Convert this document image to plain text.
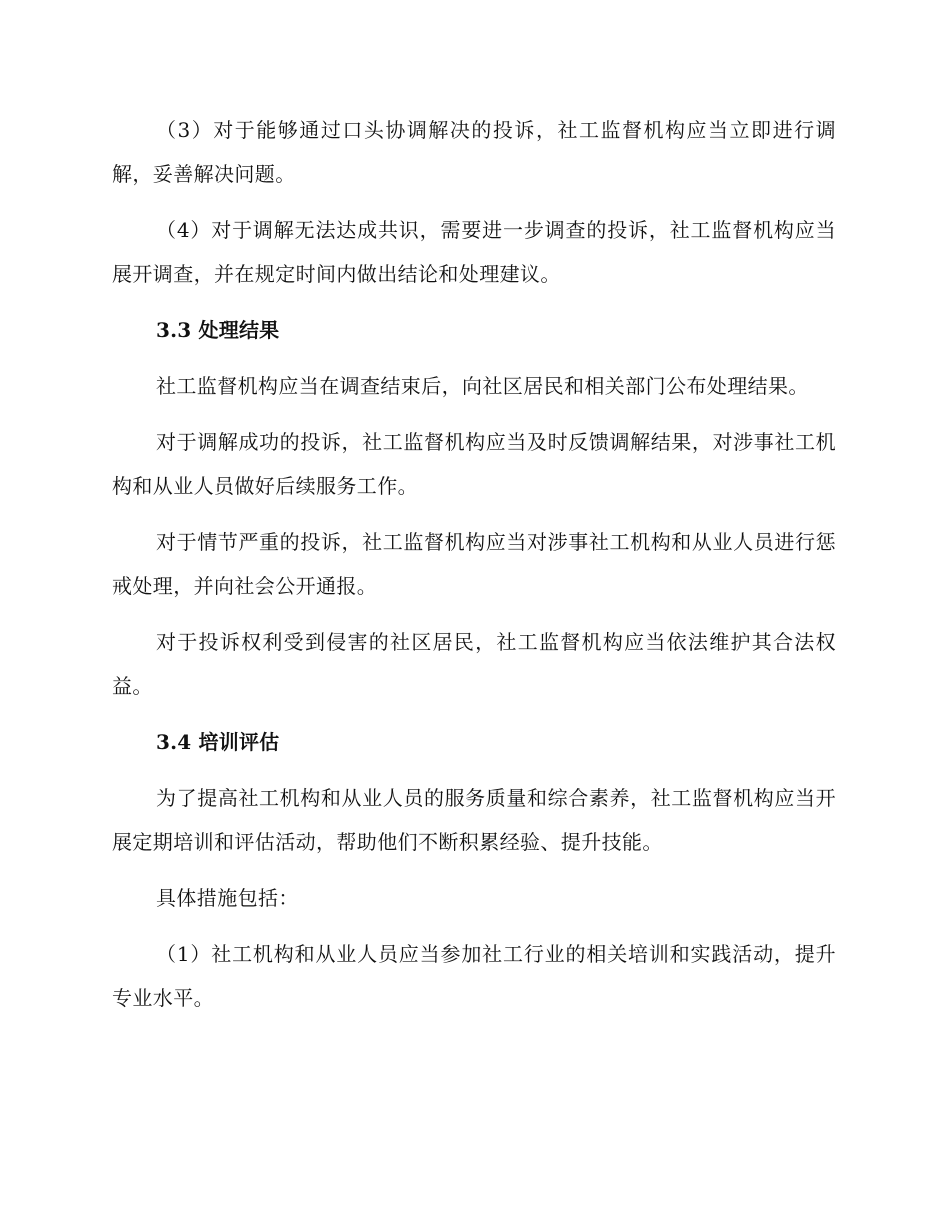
（3）对于能够通过口头协调解决的投诉，社工监督机构应当立即进行调解，妥善解决问题。

（4）对于调解无法达成共识，需要进一步调查的投诉，社工监督机构应当展开调查，并在规定时间内做出结论和处理建议。

3.3 处理结果

社工监督机构应当在调查结束后，向社区居民和相关部门公布处理结果。

对于调解成功的投诉，社工监督机构应当及时反馈调解结果，对涉事社工机构和从业人员做好后续服务工作。

对于情节严重的投诉，社工监督机构应当对涉事社工机构和从业人员进行惩戒处理，并向社会公开通报。

对于投诉权利受到侵害的社区居民，社工监督机构应当依法维护其合法权益。

3.4 培训评估

为了提高社工机构和从业人员的服务质量和综合素养，社工监督机构应当开展定期培训和评估活动，帮助他们不断积累经验、提升技能。

具体措施包括：

（1）社工机构和从业人员应当参加社工行业的相关培训和实践活动，提升专业水平。
